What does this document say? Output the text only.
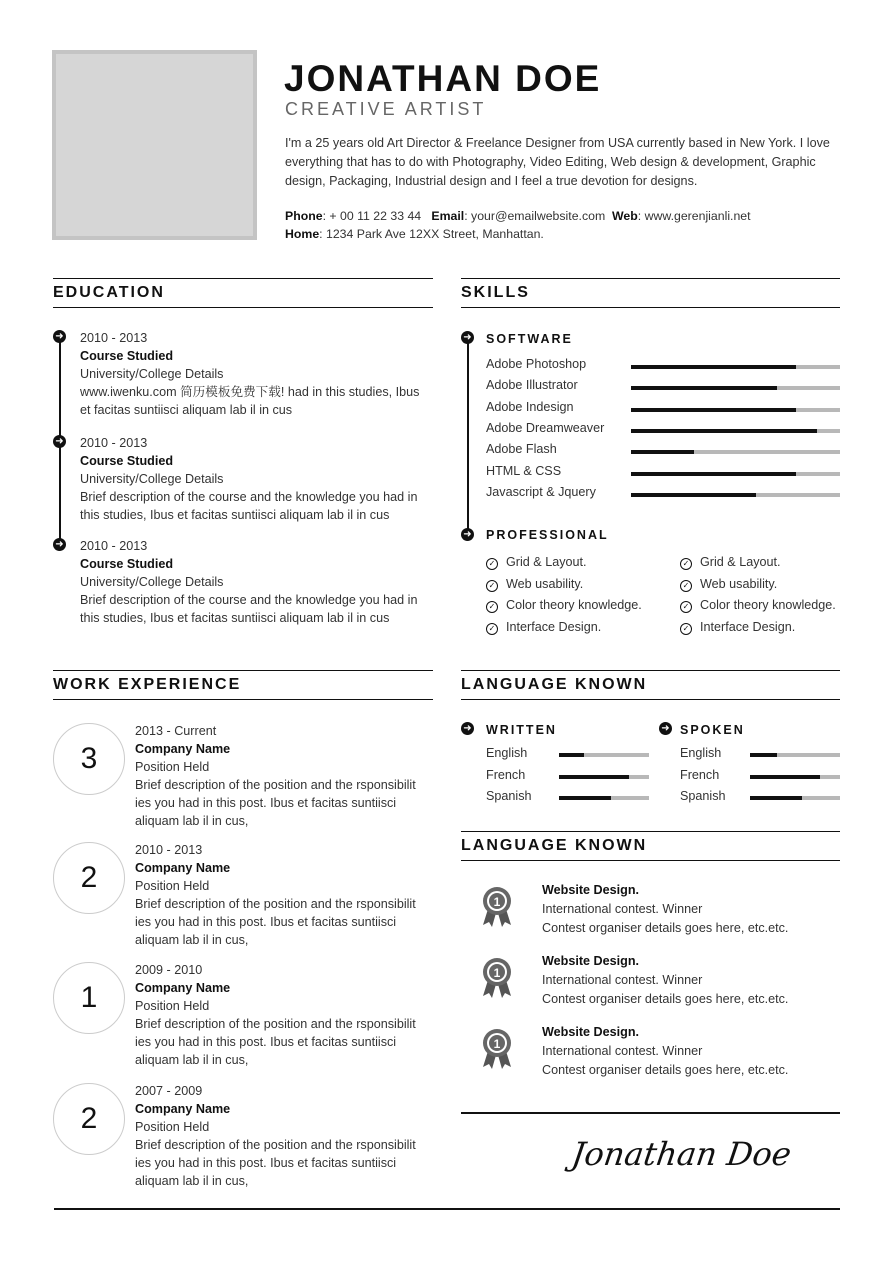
JONATHAN DOE
CREATIVE ARTIST
I'm a 25 years old Art Director & Freelance Designer from USA currently based in New York. I love everything that has to do with Photography, Video Editing, Web design & development, Graphic design, Packaging, Industrial design and I feel a true devotion for designs.
Phone: + 00 11 22 33 44 Email: your@emailwebsite.com Web: www.gerenjianli.net
Home: 1234 Park Ave 12XX Street, Manhattan.
EDUCATION
➜ 2010 - 2013
Course Studied
University/College Details
www.iwenku.com 简历模板免费下载! had in this studies, Ibus et facitas suntiisci aliquam lab il in cus
➜ 2010 - 2013
Course Studied
University/College Details
Brief description of the course and the knowledge you had in this studies, Ibus et facitas suntiisci aliquam lab il in cus
➜ 2010 - 2013
Course Studied
University/College Details
Brief description of the course and the knowledge you had in this studies, Ibus et facitas suntiisci aliquam lab il in cus
SKILLS
➜ SOFTWARE
Adobe Photoshop
Adobe Illustrator
Adobe Indesign
Adobe Dreamweaver
Adobe Flash
HTML & CSS
Javascript & Jquery
➜ PROFESSIONAL
✓ Grid & Layout.
✓ Web usability.
✓ Color theory knowledge.
✓ Interface Design.
✓ Grid & Layout.
✓ Web usability.
✓ Color theory knowledge.
✓ Interface Design.
WORK EXPERIENCE
3
2013 - Current
Company Name
Position Held
Brief description of the position and the rsponsibilit ies you had in this post. Ibus et facitas suntiisci aliquam lab il in cus,
2
2010 - 2013
Company Name
Position Held
Brief description of the position and the rsponsibilit ies you had in this post. Ibus et facitas suntiisci aliquam lab il in cus,
1
2009 - 2010
Company Name
Position Held
Brief description of the position and the rsponsibilit ies you had in this post. Ibus et facitas suntiisci aliquam lab il in cus,
2
2007 - 2009
Company Name
Position Held
Brief description of the position and the rsponsibilit ies you had in this post. Ibus et facitas suntiisci aliquam lab il in cus,
LANGUAGE KNOWN
➜ WRITTEN	➜ SPOKEN
English
French
Spanish
English
French
Spanish
LANGUAGE KNOWN
1
Website Design.
International contest. Winner
Contest organiser details goes here, etc.etc.
1
Website Design.
International contest. Winner
Contest organiser details goes here, etc.etc.
1
Website Design.
International contest. Winner
Contest organiser details goes here, etc.etc.
Jonathan Doe
